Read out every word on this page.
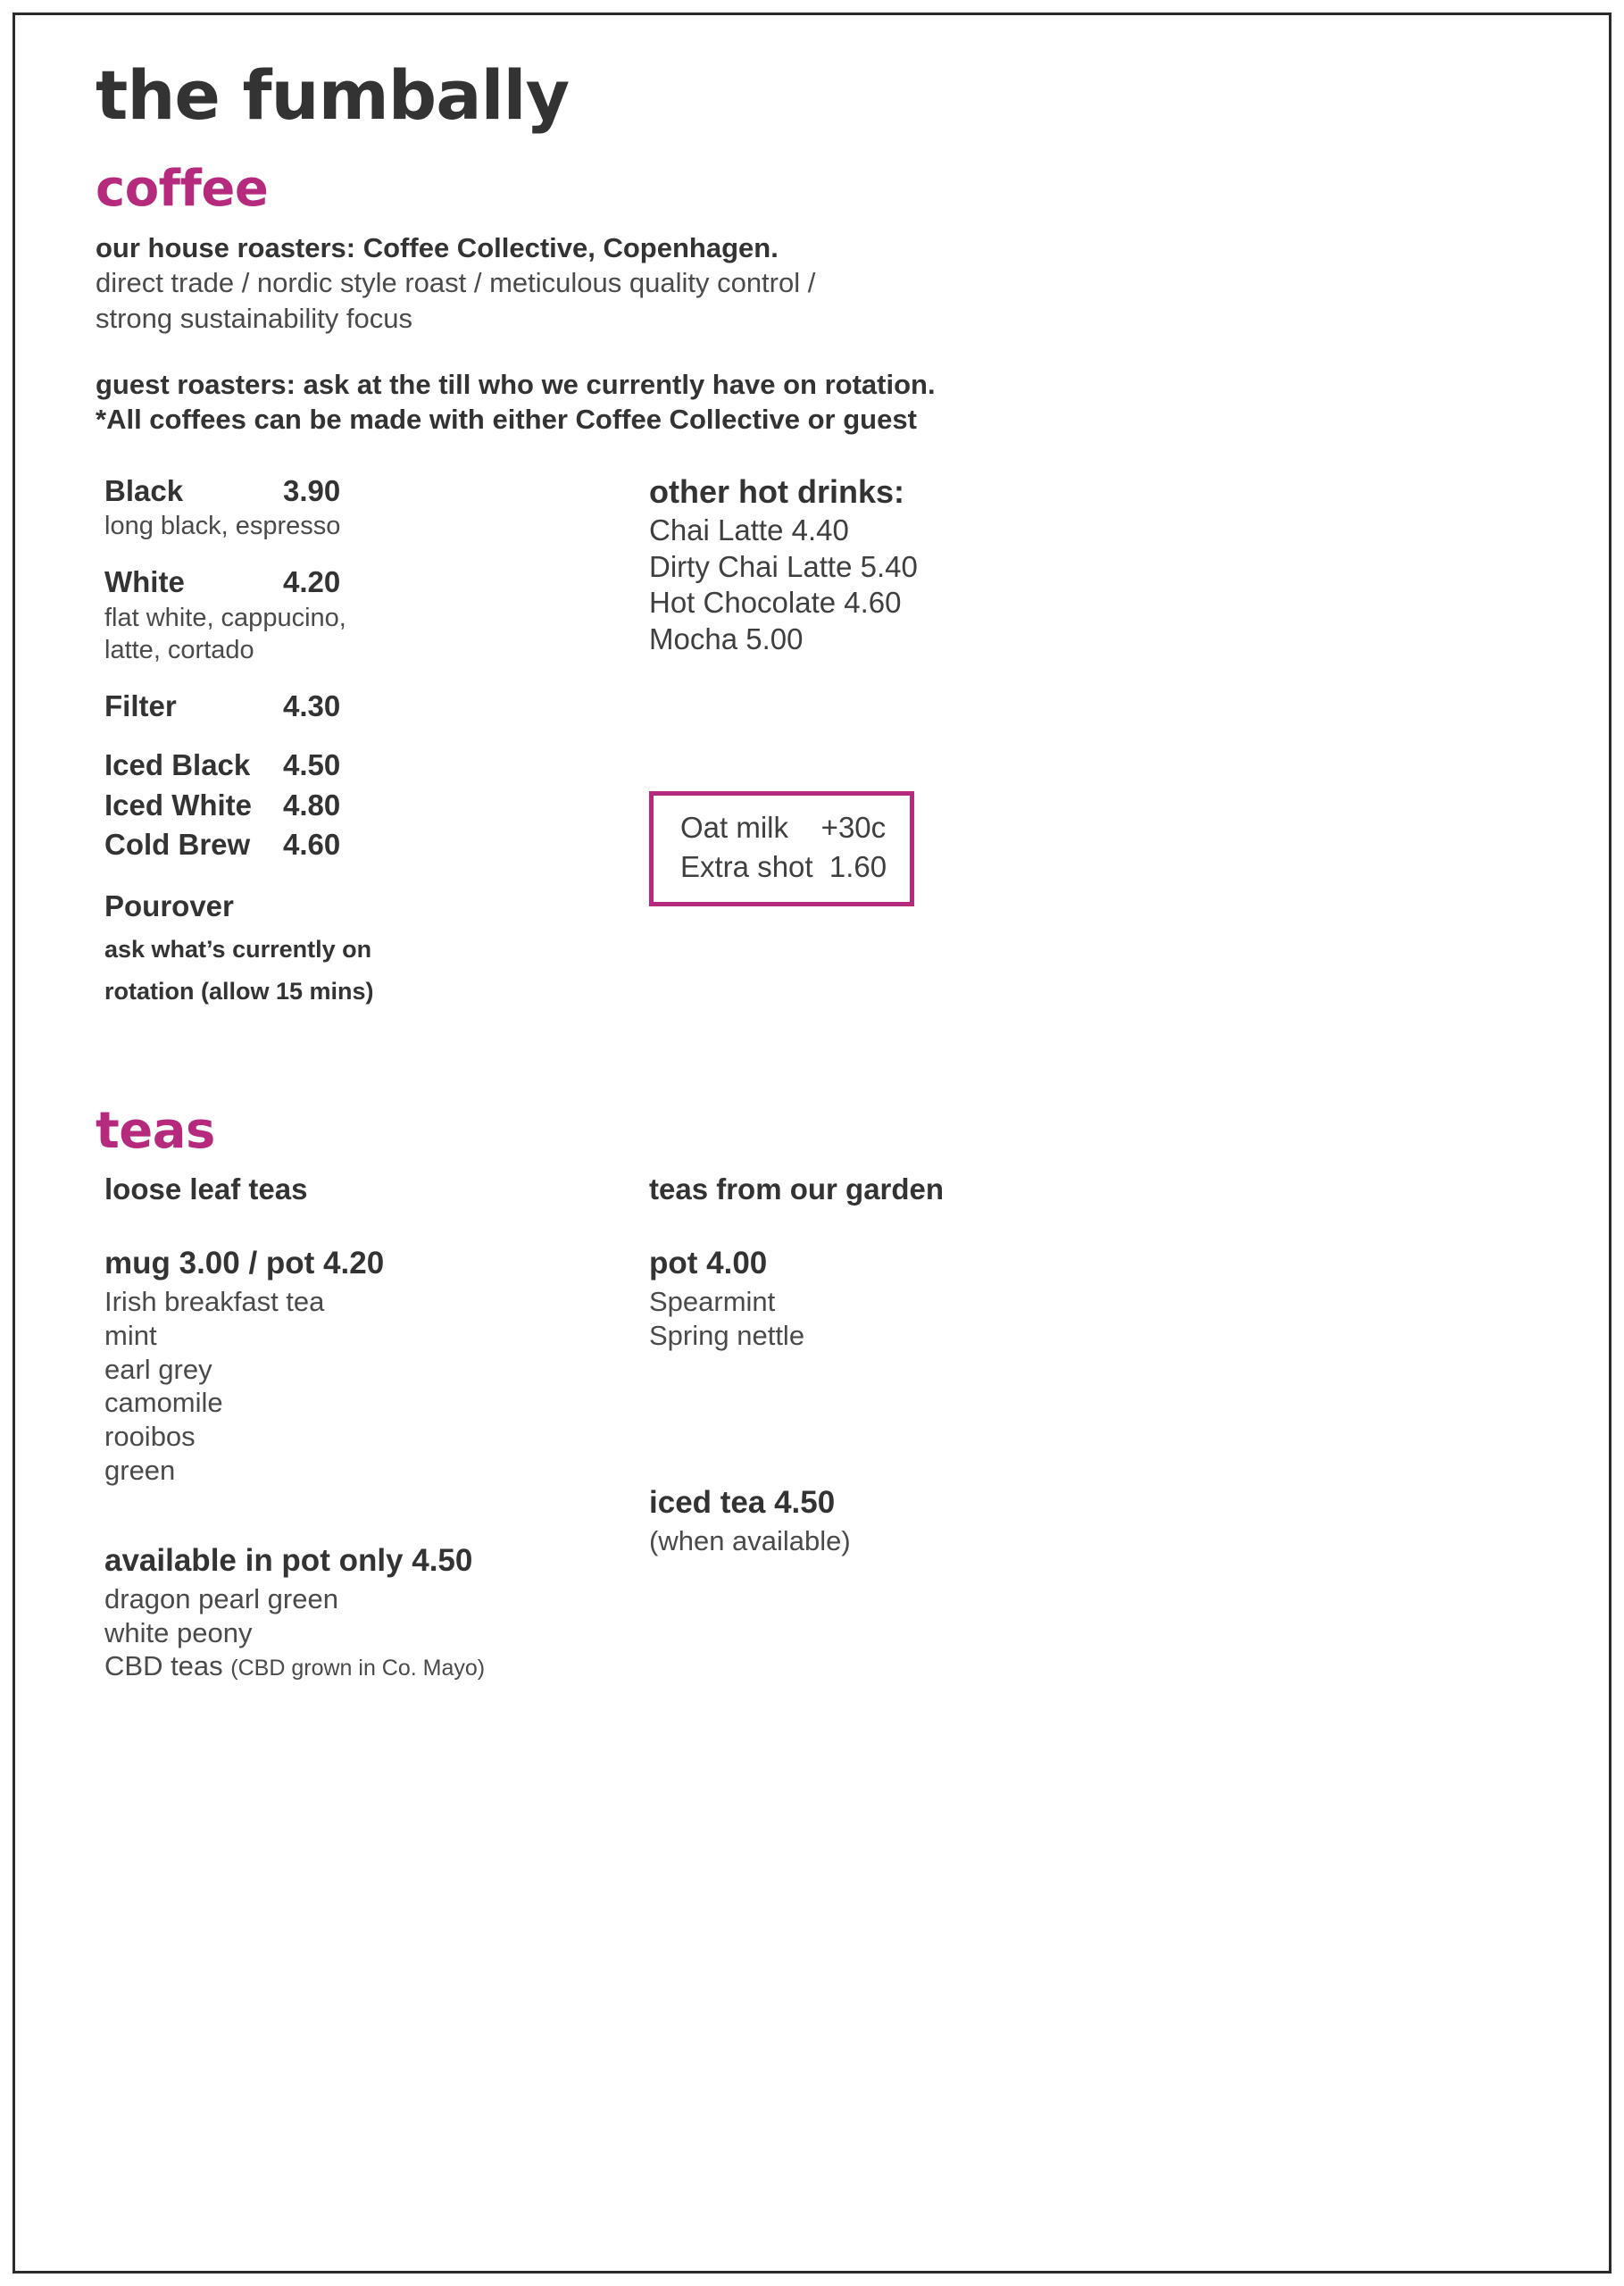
the fumbally
coffee

our house roasters: Coffee Collective, Copenhagen.

direct trade / nordic style roast / meticulous quality control /

strong sustainability focus

guest roasters: ask at the till who we currently have on rotation.

*All coffees can be made with either Coffee Collective or guest

Black	3.90
long black, espresso
White	4.20
flat white, cappucino,
latte, cortado
Filter	4.30
Iced Black	4.50
Iced White	4.80
Cold Brew	4.60
Pourover
ask what’s currently on
rotation (allow 15 mins)
other hot drinks:
Chai Latte 4.40
Dirty Chai Latte 5.40
Hot Chocolate 4.60
Mocha 5.00
Oat milk    +30c
Extra shot  1.60
teas
loose leaf teas
mug 3.00 / pot 4.20
Irish breakfast tea
mint
earl grey
camomile
rooibos
green
available in pot only 4.50
dragon pearl green
white peony
CBD teas (CBD grown in Co. Mayo)
teas from our garden
pot 4.00
Spearmint
Spring nettle
iced tea 4.50
(when available)
